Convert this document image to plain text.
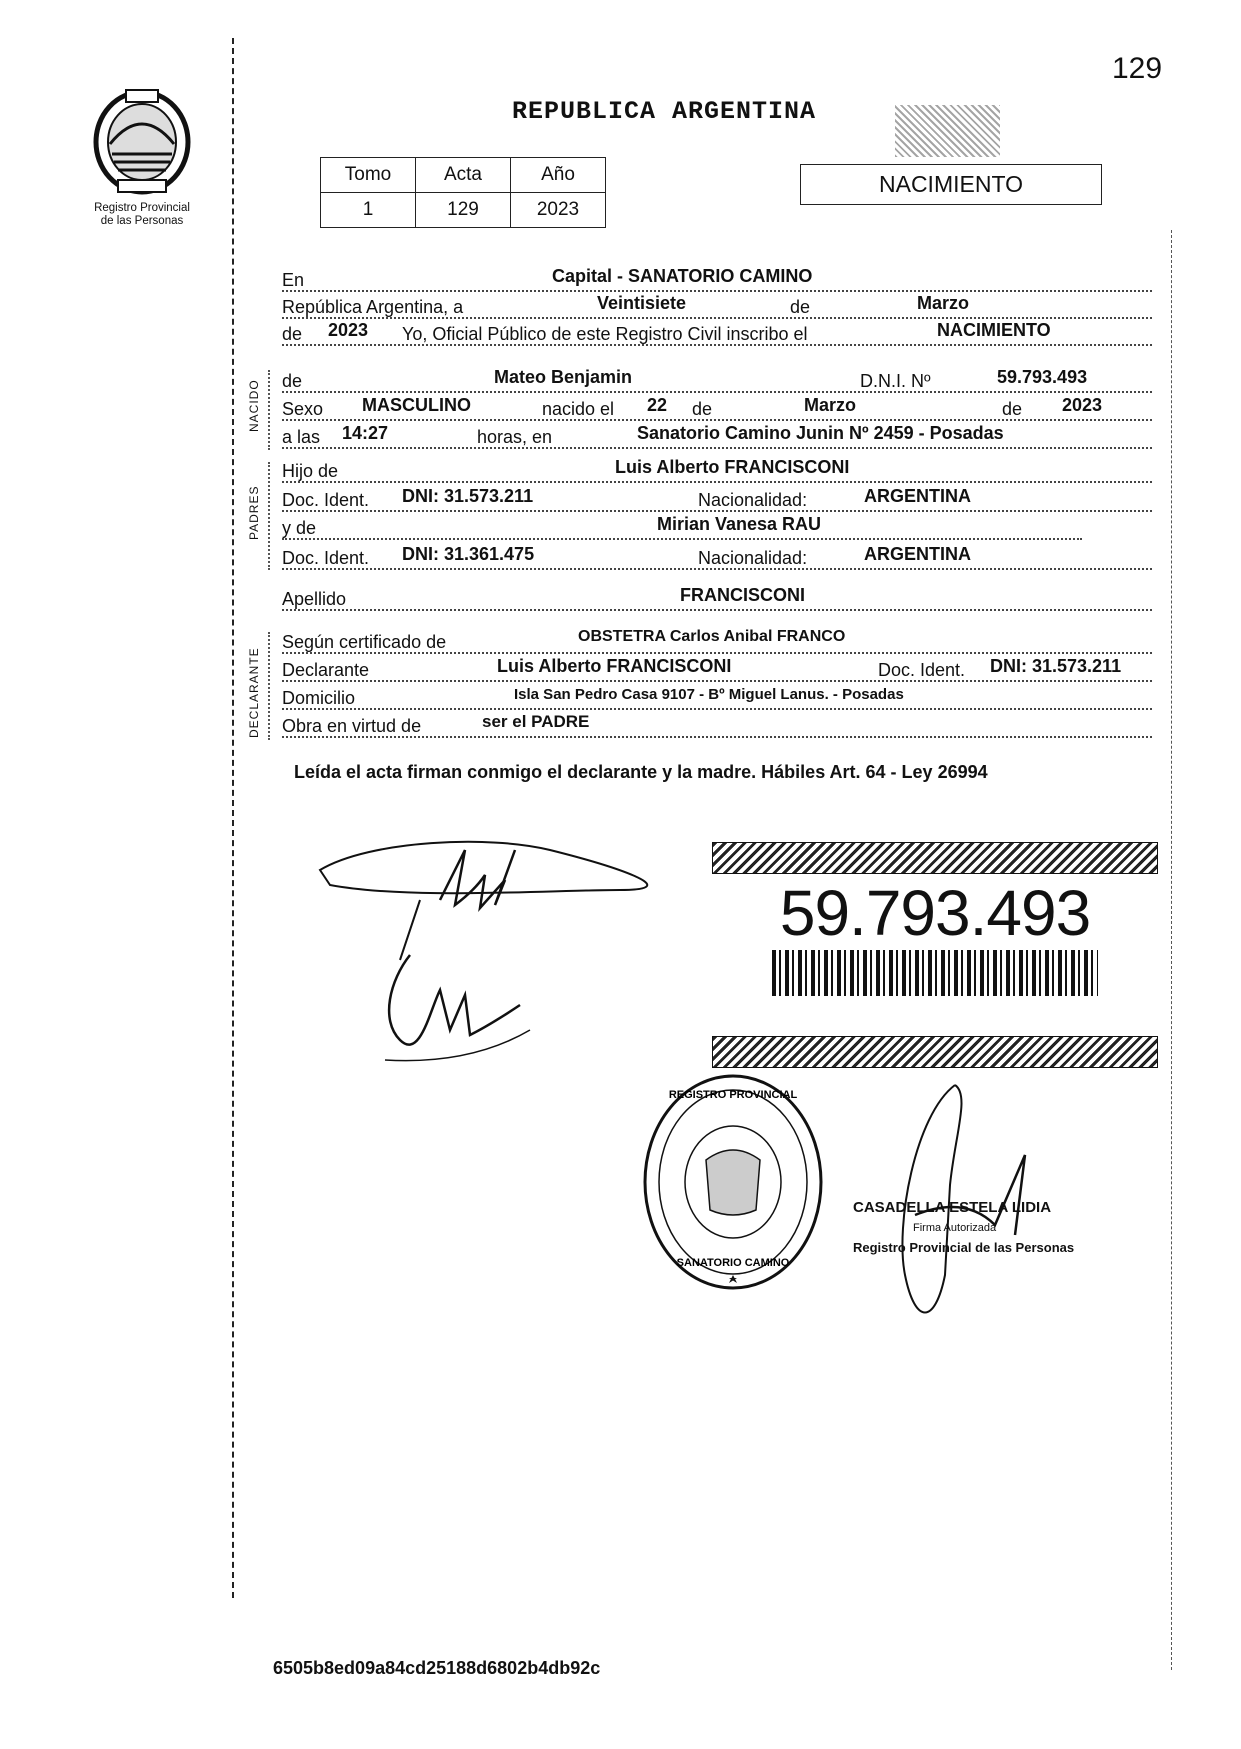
129
Registro Provincial
de las Personas
REPUBLICA ARGENTINA
Tomo	Acta	Año
1	129	2023
NACIMIENTO
En	Capital - SANATORIO CAMINO
República Argentina, a	Veintisiete	de	Marzo
de 2023 Yo, Oficial Público de este Registro Civil inscribo el	NACIMIENTO
de	Mateo Benjamin	D.N.I. Nº	59.793.493
Sexo MASCULINO	nacido el 22 de	Marzo	de 2023
a las 14:27	horas, en	Sanatorio Camino Junin Nº 2459 - Posadas
Hijo de	Luis Alberto FRANCISCONI
Doc. Ident. DNI: 31.573.211	Nacionalidad:	ARGENTINA
y de	Mirian Vanesa RAU
Doc. Ident. DNI: 31.361.475	Nacionalidad:	ARGENTINA
Apellido	FRANCISCONI
Según certificado de	OBSTETRA Carlos Anibal FRANCO
Declarante	Luis Alberto FRANCISCONI	Doc. Ident. DNI: 31.573.211
Domicilio	Isla San Pedro Casa 9107 - Bº Miguel Lanus. - Posadas
Obra en virtud de	ser el PADRE
NACIDO
PADRES
DECLARANTE
Leída el acta firman conmigo el declarante y la madre. Hábiles Art. 64 - Ley 26994
59.793.493
REGISTRO PROVINCIAL
SANATORIO CAMINO
CASADELLA ESTELA LIDIA
Firma Autorizada
Registro Provincial de las Personas
6505b8ed09a84cd25188d6802b4db92c
